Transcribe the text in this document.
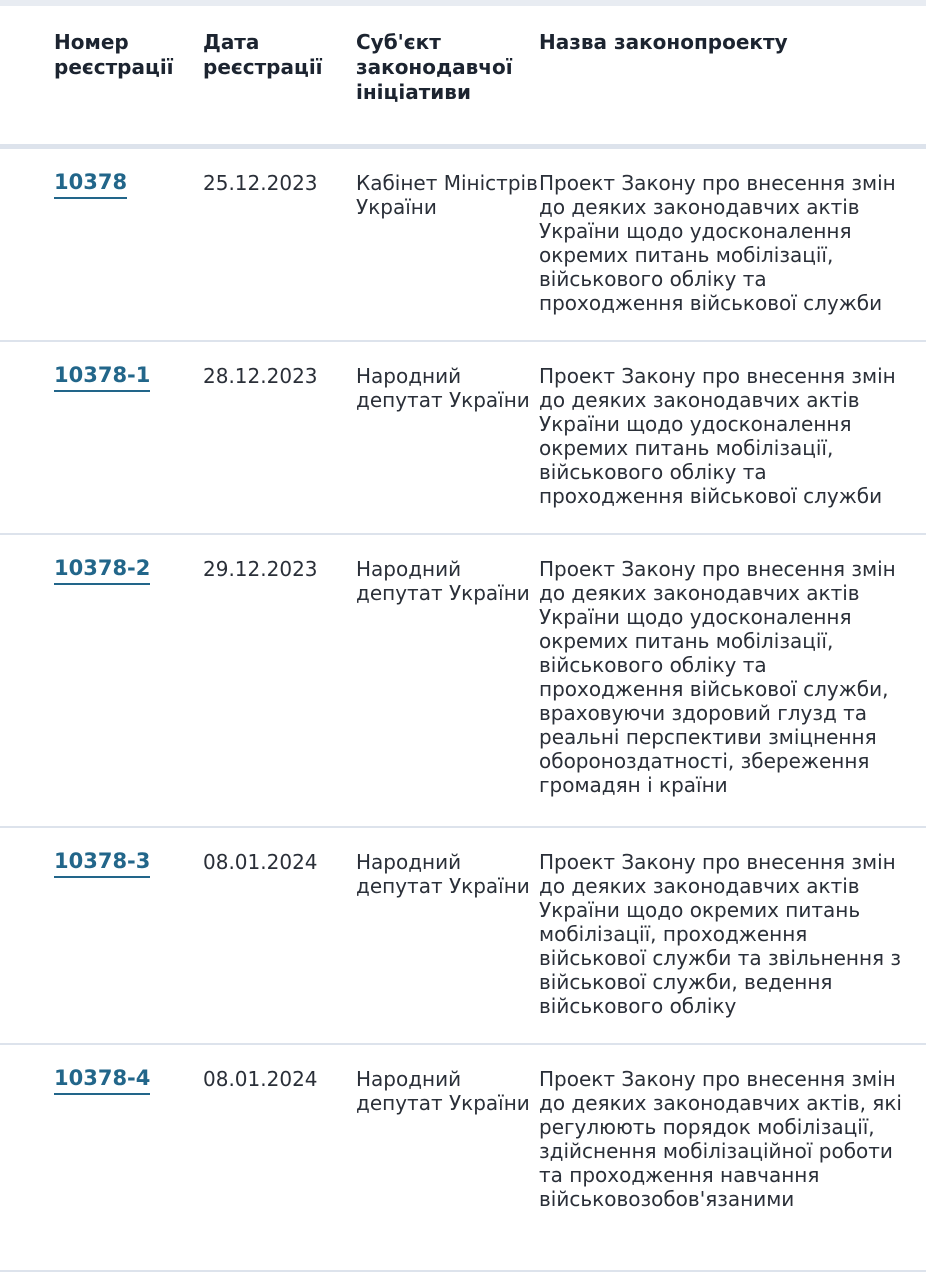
Номер реєстрації	Дата реєстрації	Суб'єкт законодавчої ініціативи	Назва законопроекту
10378	25.12.2023	Кабінет Міністрів України	Проект Закону про внесення змін до деяких законодавчих актів України щодо удосконалення окремих питань мобілізації, військового обліку та проходження військової служби
10378-1	28.12.2023	Народний депутат України	Проект Закону про внесення змін до деяких законодавчих актів України щодо удосконалення окремих питань мобілізації, військового обліку та проходження військової служби
10378-2	29.12.2023	Народний депутат України	Проект Закону про внесення змін до деяких законодавчих актів України щодо удосконалення окремих питань мобілізації, військового обліку та проходження військової служби, враховуючи здоровий глузд та реальні перспективи зміцнення обороноздатності, збереження громадян і країни
10378-3	08.01.2024	Народний депутат України	Проект Закону про внесення змін до деяких законодавчих актів України щодо окремих питань мобілізації, проходження військової служби та звільнення з військової служби, ведення військового обліку
10378-4	08.01.2024	Народний депутат України	Проект Закону про внесення змін до деяких законодавчих актів, які регулюють порядок мобілізації, здійснення мобілізаційної роботи та проходження навчання військовозобов'язаними
